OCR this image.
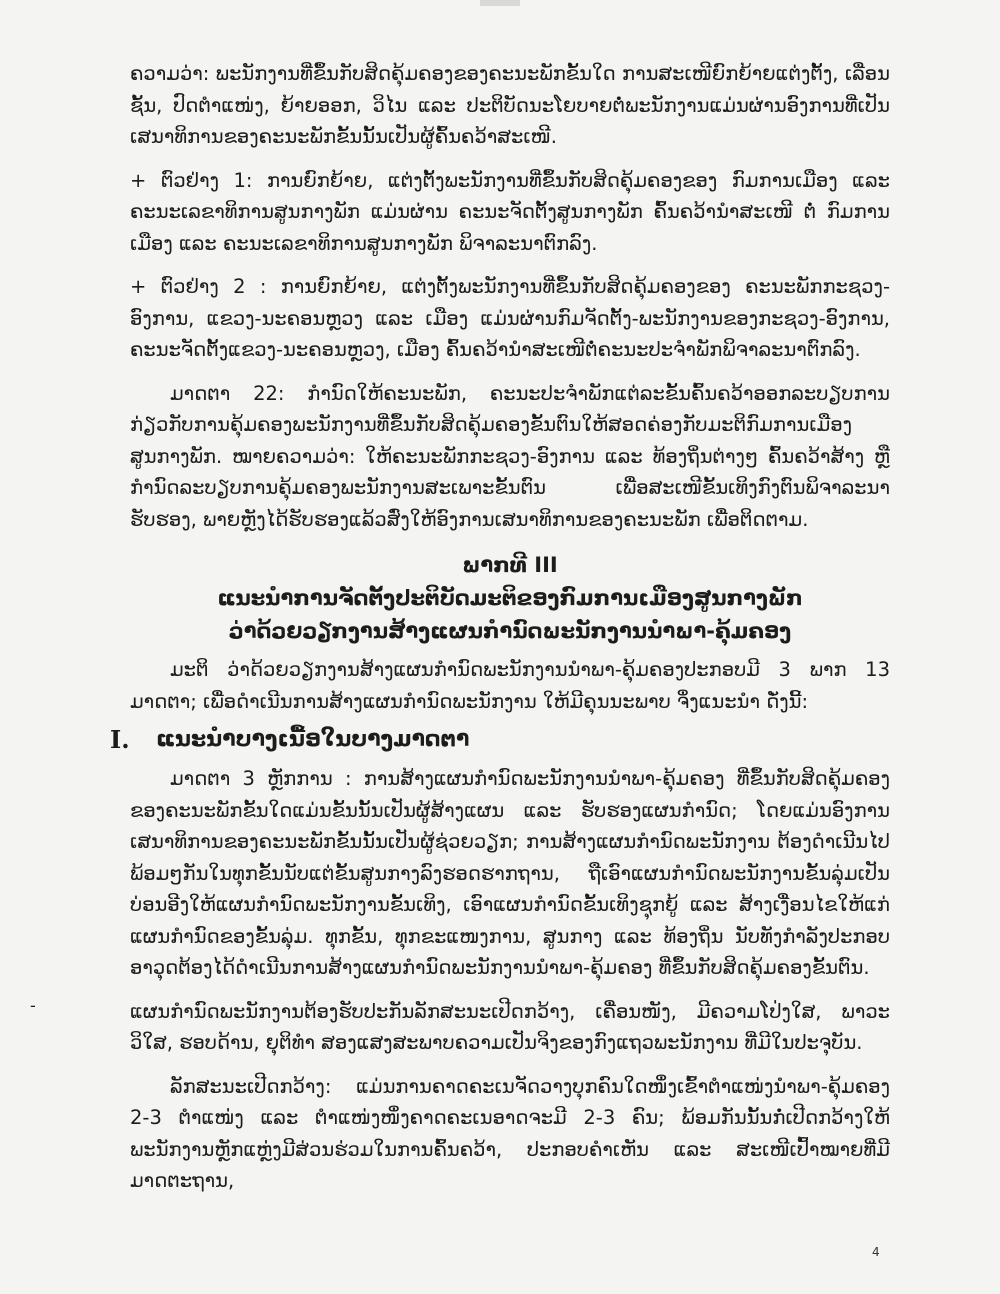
ຄວາມວ່າ: ພະນັກງານທີ່ຂຶ້ນກັບສິດຄຸ້ມຄອງຂອງຄະນະພັກຂັ້ນໃດ ການສະເໜີຍົກຍ້າຍແຕ່ງຕັ້ງ, ເລື່ອນຊັ້ນ, ປົດຕຳແໜ່ງ, ຍ້າຍອອກ, ວິໄນ ແລະ ປະຕິບັດນະໂຍບາຍຕໍ່ພະນັກງານແມ່ນຜ່ານອົງການທີ່ເປັນເສນາທິການຂອງຄະນະພັກຂັ້ນນັ້ນເປັນຜູ້ຄົ້ນຄວ້າສະເໜີ.

+ ຕົວຢ່າງ 1: ການຍົກຍ້າຍ, ແຕ່ງຕັ້ງພະນັກງານທີ່ຂຶ້ນກັບສິດຄຸ້ມຄອງຂອງ ກົມການເມືອງ ແລະ ຄະນະເລຂາທິການສູນກາງພັກ ແມ່ນຜ່ານ ຄະນະຈັດຕັ້ງສູນກາງພັກ ຄົ້ນຄວ້ານຳສະເໜີ ຕໍ່ ກົມການເມືອງ ແລະ ຄະນະເລຂາທິການສູນກາງພັກ ພິຈາລະນາຕົກລົງ.

+ ຕົວຢ່າງ 2 : ການຍົກຍ້າຍ, ແຕ່ງຕັ້ງພະນັກງານທີ່ຂຶ້ນກັບສິດຄຸ້ມຄອງຂອງ ຄະນະພັກກະຊວງ-ອົງການ, ແຂວງ-ນະຄອນຫຼວງ ແລະ ເມືອງ ແມ່ນຜ່ານກົມຈັດຕັ້ງ-ພະນັກງານຂອງກະຊວງ-ອົງການ, ຄະນະຈັດຕັ້ງແຂວງ-ນະຄອນຫຼວງ, ເມືອງ ຄົ້ນຄວ້ານຳສະເໜີຕໍ່ຄະນະປະຈຳພັກພິຈາລະນາຕົກລົງ.

ມາດຕາ 22: ກໍານົດໃຫ້ຄະນະພັກ, ຄະນະປະຈຳພັກແຕ່ລະຂັ້ນຄົ້ນຄວ້າອອກລະບຽບການກ່ຽວກັບການຄຸ້ມຄອງພະນັກງານທີ່ຂຶ້ນກັບສິດຄຸ້ມຄອງຂັ້ນຕົນໃຫ້ສອດຄ່ອງກັບມະຕິກົມການເມືອງສູນກາງພັກ. ໝາຍຄວາມວ່າ: ໃຫ້ຄະນະພັກກະຊວງ-ອົງການ ແລະ ທ້ອງຖິ່ນຕ່າງໆ ຄົ້ນຄວ້າສ້າງ ຫຼື ກໍານົດລະບຽບການຄຸ້ມຄອງພະນັກງານສະເພາະຂັ້ນຕົນ ເພື່ອສະເໜີຂັ້ນເທິງກົງຕົນພິຈາລະນາຮັບຮອງ, ພາຍຫຼັງໄດ້ຮັບຮອງແລ້ວສົ່ງໃຫ້ອົງການເສນາທິການຂອງຄະນະພັກ ເພື່ອຕິດຕາມ.

ພາກທີ III
ແນະນຳການຈັດຕັ້ງປະຕິບັດມະຕິຂອງກົມການເມືອງສູນກາງພັກ
ວ່າດ້ວຍວຽກງານສ້າງແຜນກໍານົດພະນັກງານນຳພາ-ຄຸ້ມຄອງ

ມະຕິ ວ່າດ້ວຍວຽກງານສ້າງແຜນກໍານົດພະນັກງານນຳພາ-ຄຸ້ມຄອງປະກອບມີ 3 ພາກ 13 ມາດຕາ; ເພື່ອດຳເນີນການສ້າງແຜນກໍານົດພະນັກງານ ໃຫ້ມີຄຸນນະພາບ ຈຶ່ງແນະນຳ ດັ່ງນີ້:

I. ແນະນຳບາງເນື້ອໃນບາງມາດຕາ

ມາດຕາ 3 ຫຼັກການ : ການສ້າງແຜນກໍານົດພະນັກງານນຳພາ-ຄຸ້ມຄອງ ທີ່ຂຶ້ນກັບສິດຄຸ້ມຄອງຂອງຄະນະພັກຂັ້ນໃດແມ່ນຂັ້ນນັ້ນເປັນຜູ້ສ້າງແຜນ ແລະ ຮັບຮອງແຜນກໍານົດ; ໂດຍແມ່ນອົງການເສນາທິການຂອງຄະນະພັກຂັ້ນນັ້ນເປັນຜູ້ຊ່ວຍວຽກ; ການສ້າງແຜນກໍານົດພະນັກງານ ຕ້ອງດຳເນີນໄປພ້ອມໆກັນໃນທຸກຂັ້ນນັບແຕ່ຂັ້ນສູນກາງລົງຮອດຮາກຖານ, ຖືເອົາແຜນກໍານົດພະນັກງານຂັ້ນລຸ່ມເປັນບ່ອນອີງໃຫ້ແຜນກໍານົດພະນັກງານຂັ້ນເທິງ, ເອົາແຜນກໍານົດຂັ້ນເທິງຊຸກຍູ້ ແລະ ສ້າງເງື່ອນໄຂໃຫ້ແກ່ແຜນກໍານົດຂອງຂັ້ນລຸ່ມ. ທຸກຂັ້ນ, ທຸກຂະແໜງການ, ສູນກາງ ແລະ ທ້ອງຖິ່ນ ນັບທັງກໍາລັງປະກອບອາວຸດຕ້ອງໄດ້ດຳເນີນການສ້າງແຜນກໍານົດພະນັກງານນຳພາ-ຄຸ້ມຄອງ ທີ່ຂຶ້ນກັບສິດຄຸ້ມຄອງຂັ້ນຕົນ.

-	ແຜນກໍານົດພະນັກງານຕ້ອງຮັບປະກັນລັກສະນະເປີດກວ້າງ, ເຄື່ອນໜັງ, ມີຄວາມໂປ່ງໃສ, ພາວະວິໃສ, ຮອບດ້ານ, ຍຸຕິທຳ ສອງແສງສະພາບຄວາມເປັນຈິງຂອງກົງແຖວພະນັກງານ ທີ່ມີໃນປະຈຸບັນ.

ລັກສະນະເປີດກວ້າງ: ແມ່ນການຄາດຄະເນຈັດວາງບຸກຄົນໃດໜຶ່ງເຂົ້າຕຳແໜ່ງນຳພາ-ຄຸ້ມຄອງ 2-3 ຕຳແໜ່ງ ແລະ ຕຳແໜ່ງໜຶ່ງຄາດຄະເນອາດຈະມີ 2-3 ຄົນ; ພ້ອມກັນນັ້ນກໍ່ເປີດກວ້າງໃຫ້ພະນັກງານຫຼັກແຫຼ່ງມີສ່ວນຮ່ວມໃນການຄົ້ນຄວ້າ, ປະກອບຄຳເຫັນ ແລະ ສະເໜີເປົ້າໝາຍທີ່ມີມາດຕະຖານ,

4
